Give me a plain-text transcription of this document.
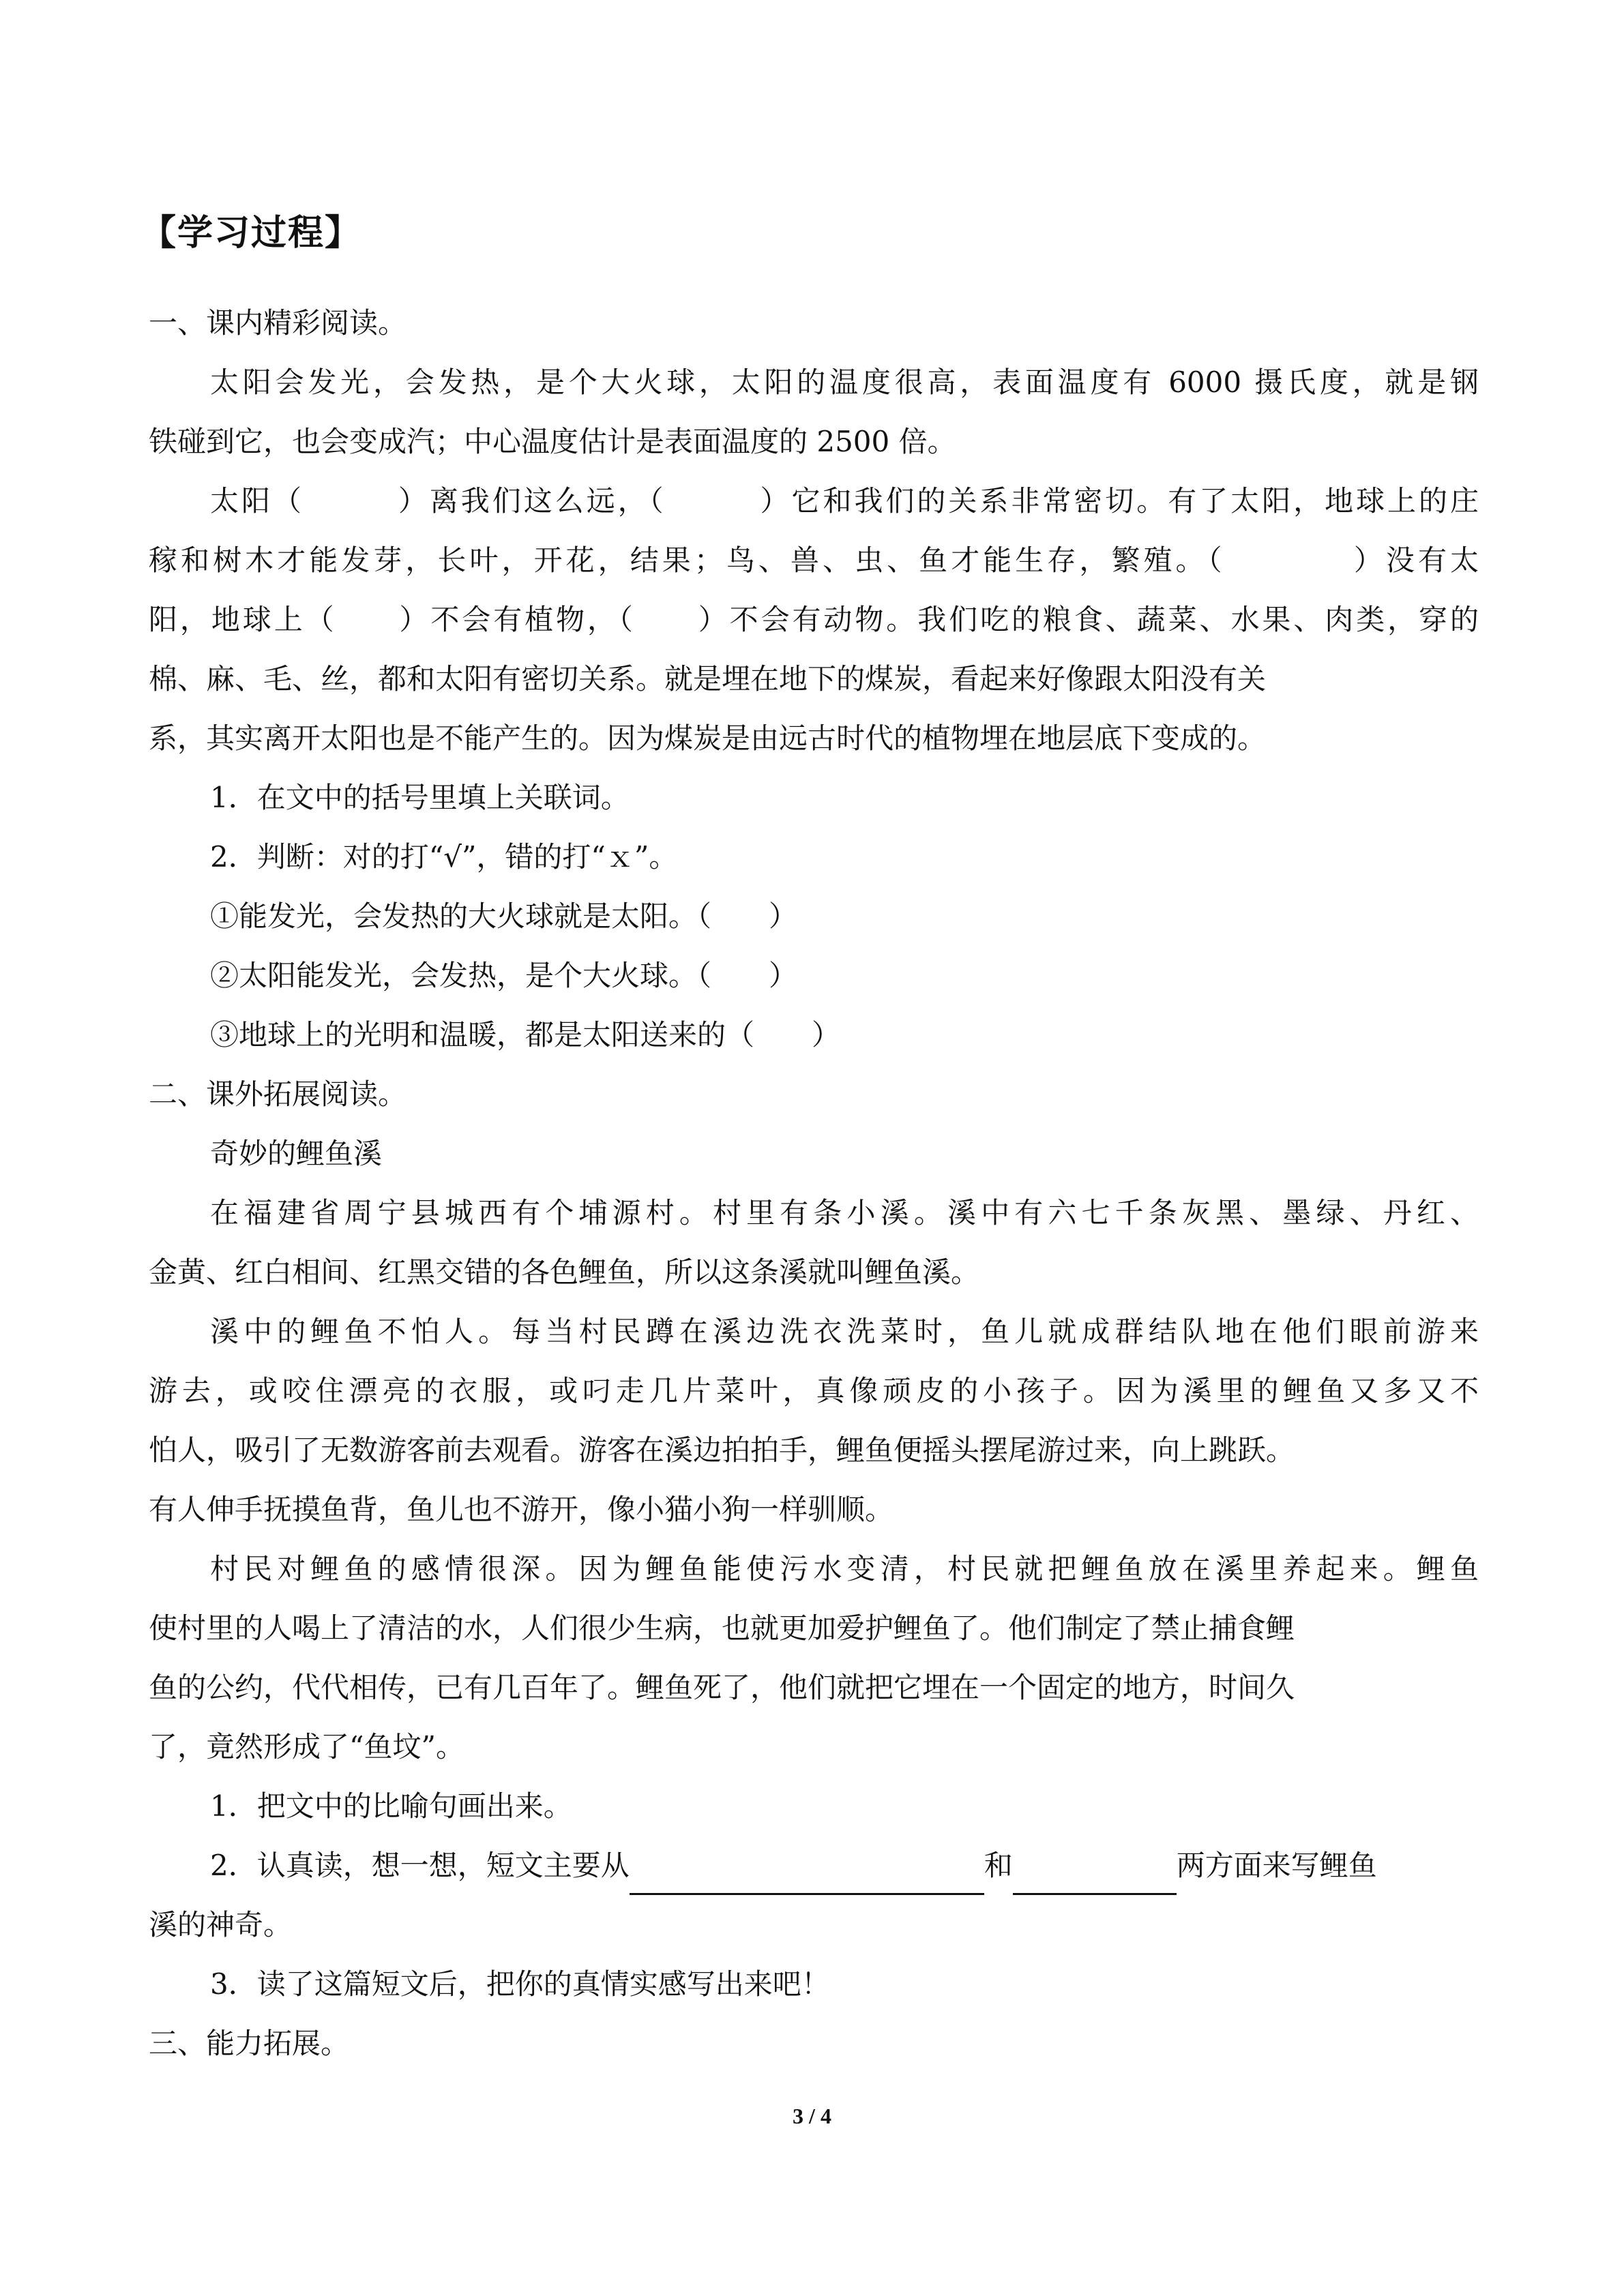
【学习过程】
一、课内精彩阅读。
太阳会发光，会发热，是个大火球，太阳的温度很高，表面温度有 6000 摄氏度，就是钢
铁碰到它，也会变成汽；中心温度估计是表面温度的 2500 倍。
太阳（　　　）离我们这么远，（　　　）它和我们的关系非常密切。有了太阳，地球上的庄
稼和树木才能发芽，长叶，开花，结果；鸟、兽、虫、鱼才能生存，繁殖。（　　　　）没有太
阳，地球上（　　）不会有植物，（　　）不会有动物。我们吃的粮食、蔬菜、水果、肉类，穿的
棉、麻、毛、丝，都和太阳有密切关系。就是埋在地下的煤炭，看起来好像跟太阳没有关
系，其实离开太阳也是不能产生的。因为煤炭是由远古时代的植物埋在地层底下变成的。
1．在文中的括号里填上关联词。
2．判断：对的打“√”，错的打“ｘ”。
①能发光，会发热的大火球就是太阳。（　　）
②太阳能发光，会发热，是个大火球。（　　）
③地球上的光明和温暖，都是太阳送来的（　　）
二、课外拓展阅读。
奇妙的鲤鱼溪
在福建省周宁县城西有个埔源村。村里有条小溪。溪中有六七千条灰黑、墨绿、丹红、
金黄、红白相间、红黑交错的各色鲤鱼，所以这条溪就叫鲤鱼溪。
溪中的鲤鱼不怕人。每当村民蹲在溪边洗衣洗菜时，鱼儿就成群结队地在他们眼前游来
游去，或咬住漂亮的衣服，或叼走几片菜叶，真像顽皮的小孩子。因为溪里的鲤鱼又多又不
怕人，吸引了无数游客前去观看。游客在溪边拍拍手，鲤鱼便摇头摆尾游过来，向上跳跃。
有人伸手抚摸鱼背，鱼儿也不游开，像小猫小狗一样驯顺。
村民对鲤鱼的感情很深。因为鲤鱼能使污水变清，村民就把鲤鱼放在溪里养起来。鲤鱼
使村里的人喝上了清洁的水，人们很少生病，也就更加爱护鲤鱼了。他们制定了禁止捕食鲤
鱼的公约，代代相传，已有几百年了。鲤鱼死了，他们就把它埋在一个固定的地方，时间久
了，竟然形成了“鱼坟”。
1．把文中的比喻句画出来。
2．认真读，想一想，短文主要从	和	两方面来写鲤鱼
溪的神奇。
3．读了这篇短文后，把你的真情实感写出来吧！
三、能力拓展。
3 / 4
